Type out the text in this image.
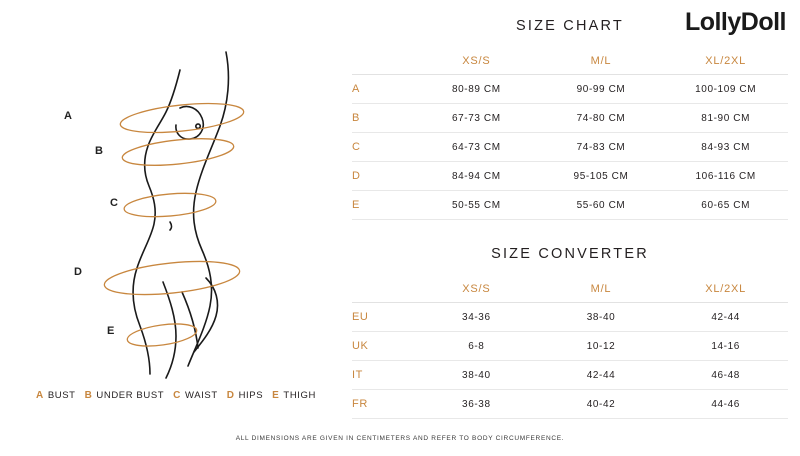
LollyDoll
A
B
C
D
E
A BUST B UNDER BUST C WAIST D HIPS E THIGH
SIZE CHART
	XS/S	M/L	XL/2XL
A	80-89 CM	90-99 CM	100-109 CM
B	67-73 CM	74-80 CM	81-90 CM
C	64-73 CM	74-83 CM	84-93 CM
D	84-94 CM	95-105 CM	106-116 CM
E	50-55 CM	55-60 CM	60-65 CM
SIZE CONVERTER
	XS/S	M/L	XL/2XL
EU	34-36	38-40	42-44
UK	6-8	10-12	14-16
IT	38-40	42-44	46-48
FR	36-38	40-42	44-46
ALL DIMENSIONS ARE GIVEN IN CENTIMETERS AND REFER TO BODY CIRCUMFERENCE.
